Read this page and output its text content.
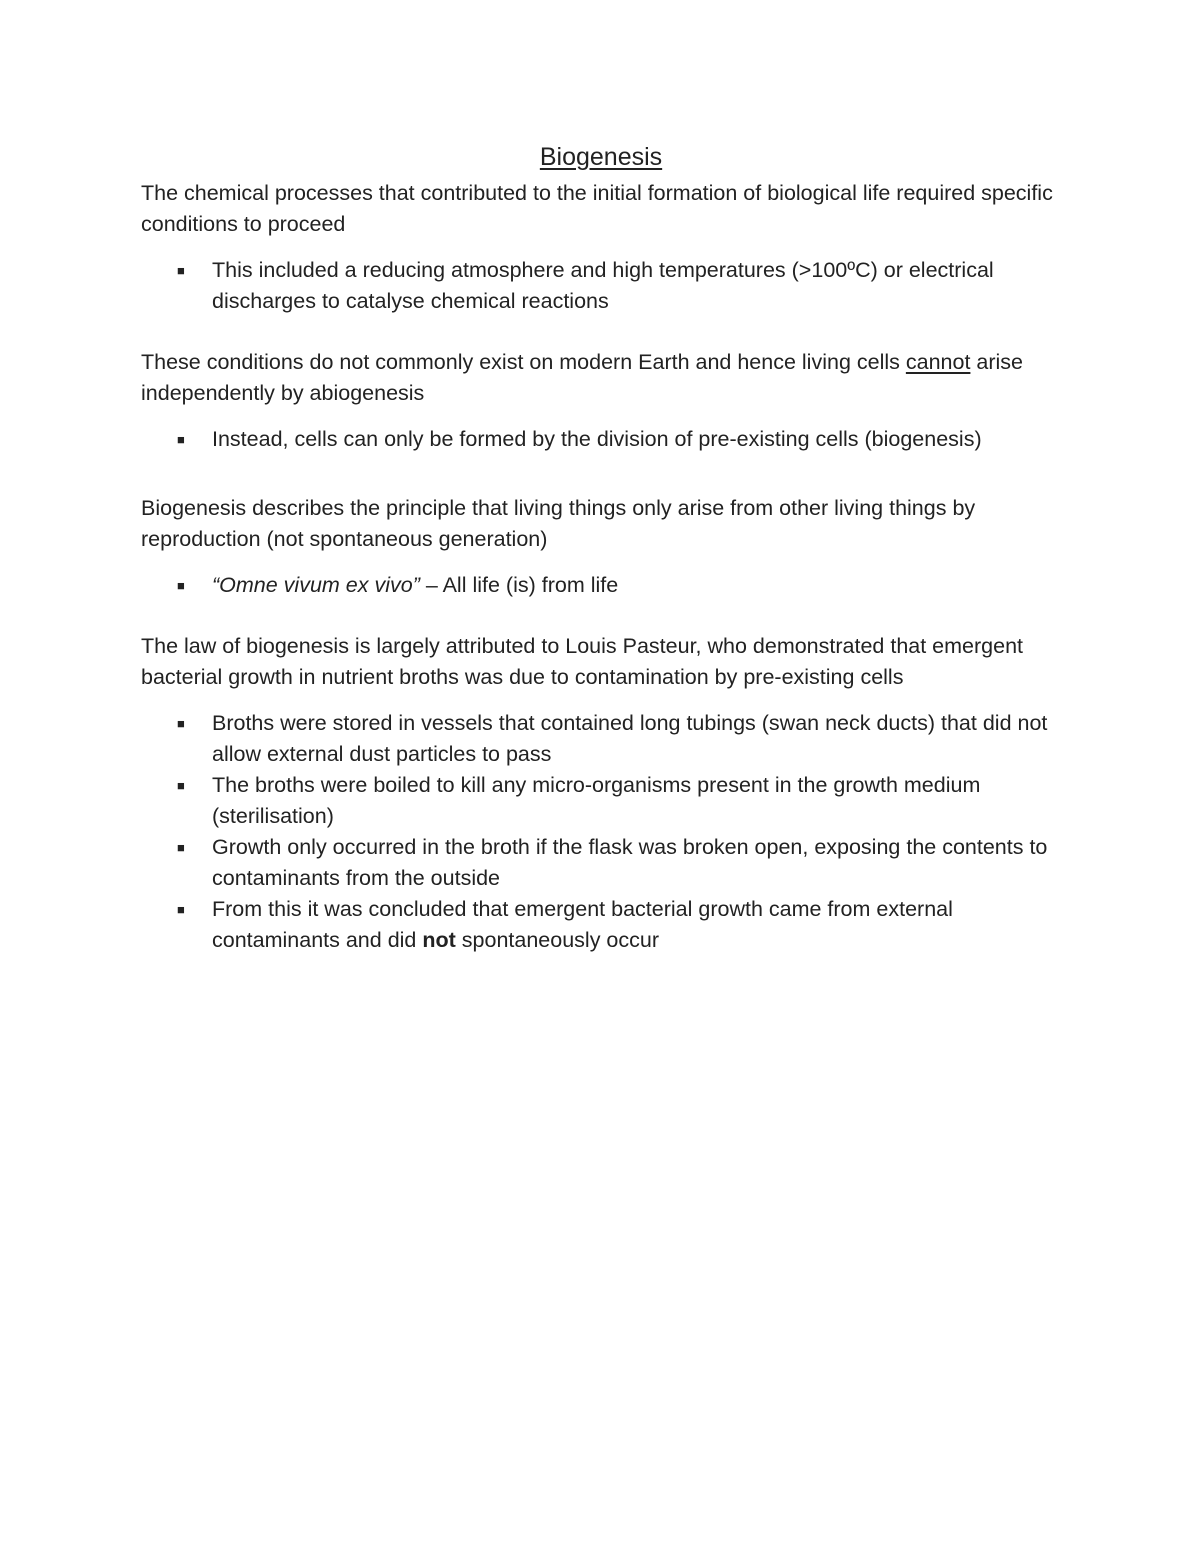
Biogenesis

The chemical processes that contributed to the initial formation of biological life required specific conditions to proceed

■ This included a reducing atmosphere and high temperatures (>100ºC) or electrical discharges to catalyse chemical reactions

These conditions do not commonly exist on modern Earth and hence living cells cannot arise independently by abiogenesis

■ Instead, cells can only be formed by the division of pre-existing cells (biogenesis)

Biogenesis describes the principle that living things only arise from other living things by reproduction (not spontaneous generation)

■ “Omne vivum ex vivo” – All life (is) from life

The law of biogenesis is largely attributed to Louis Pasteur, who demonstrated that emergent bacterial growth in nutrient broths was due to contamination by pre-existing cells

■ Broths were stored in vessels that contained long tubings (swan neck ducts) that did not allow external dust particles to pass
■ The broths were boiled to kill any micro-organisms present in the growth medium (sterilisation)
■ Growth only occurred in the broth if the flask was broken open, exposing the contents to contaminants from the outside
■ From this it was concluded that emergent bacterial growth came from external contaminants and did not spontaneously occur
